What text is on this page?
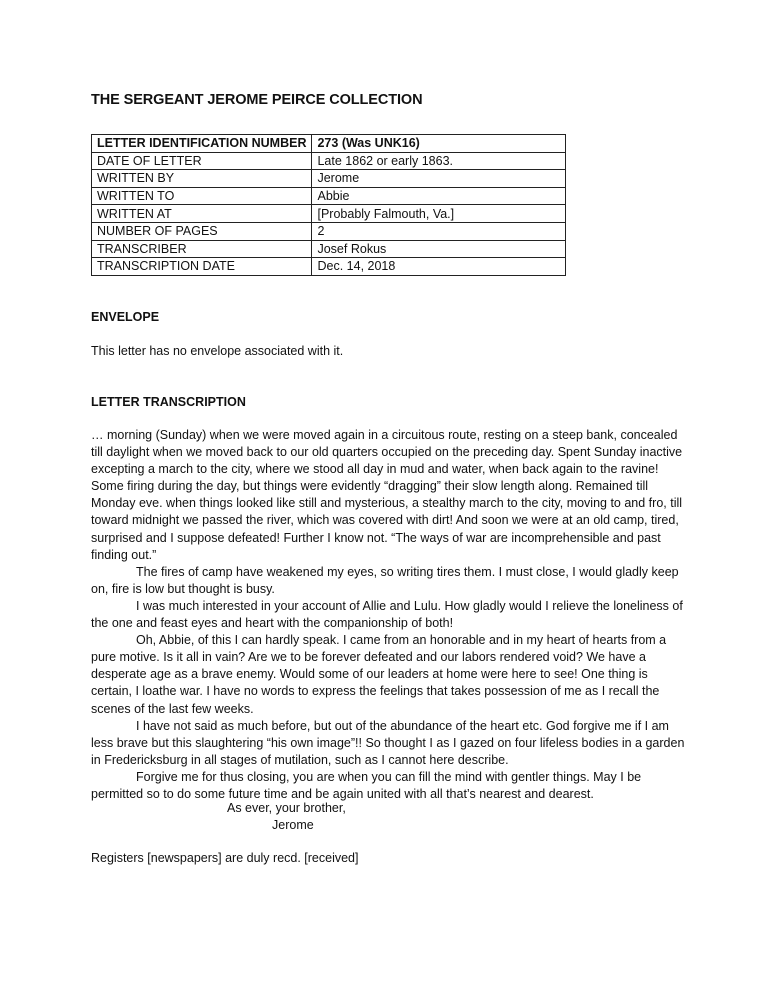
THE SERGEANT JEROME PEIRCE COLLECTION
LETTER IDENTIFICATION NUMBER	273 (Was UNK16)
DATE OF LETTER	Late 1862 or early 1863.
WRITTEN BY	Jerome
WRITTEN TO	Abbie
WRITTEN AT	[Probably Falmouth, Va.]
NUMBER OF PAGES	2
TRANSCRIBER	Josef Rokus
TRANSCRIPTION DATE	Dec. 14, 2018
ENVELOPE
This letter has no envelope associated with it.
LETTER TRANSCRIPTION

… morning (Sunday) when we were moved again in a circuitous route, resting on a steep bank, concealed till daylight when we moved back to our old quarters occupied on the preceding day. Spent Sunday inactive excepting a march to the city, where we stood all day in mud and water, when back again to the ravine! Some firing during the day, but things were evidently “dragging” their slow length along. Remained till Monday eve. when things looked like still and mysterious, a stealthy march to the city, moving to and fro, till toward midnight we passed the river, which was covered with dirt! And soon we were at an old camp, tired, surprised and I suppose defeated! Further I know not. “The ways of war are incomprehensible and past finding out.”

The fires of camp have weakened my eyes, so writing tires them. I must close, I would gladly keep on, fire is low but thought is busy.

I was much interested in your account of Allie and Lulu. How gladly would I relieve the loneliness of the one and feast eyes and heart with the companionship of both!

Oh, Abbie, of this I can hardly speak. I came from an honorable and in my heart of hearts from a pure motive. Is it all in vain? Are we to be forever defeated and our labors rendered void? We have a desperate age as a brave enemy. Would some of our leaders at home were here to see! One thing is certain, I loathe war. I have no words to express the feelings that takes possession of me as I recall the scenes of the last few weeks.

I have not said as much before, but out of the abundance of the heart etc. God forgive me if I am less brave but this slaughtering “his own image”!! So thought I as I gazed on four lifeless bodies in a garden in Fredericksburg in all stages of mutilation, such as I cannot here describe.

Forgive me for thus closing, you are when you can fill the mind with gentler things. May I be permitted so to do some future time and be again united with all that’s nearest and dearest.

As ever, your brother,
Jerome
Registers [newspapers] are duly recd. [received]
